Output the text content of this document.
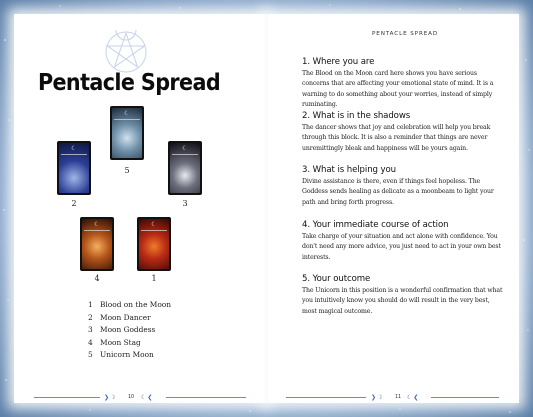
Pentacle Spread
☾
5
☾
2
☾
3
☾
4
☾
1
1 Blood on the Moon
2 Moon Dancer
3 Moon Goddess
4 Moon Stag
5 Unicorn Moon
❯☽ 10 ☾❮	❯☽ 11 ☾❮
PENTACLE SPREAD
1. Where you are

The Blood on the Moon card here shows you have serious concerns that are affecting your emotional state of mind. It is a warning to do something about your worries, instead of simply ruminating.

2. What is in the shadows

The dancer shows that joy and celebration will help you break through this block. It is also a reminder that things are never unremittingly bleak and happiness will be yours again.

3. What is helping you

Divine assistance is there, even if things feel hopeless. The Goddess sends healing as delicate as a moonbeam to light your path and bring forth progress.

4. Your immediate course of action

Take charge of your situation and act alone with confidence. You don't need any more advice, you just need to act in your own best interests.

5. Your outcome

The Unicorn in this position is a wonderful confirmation that what you intuitively know you should do will result in the very best, most magical outcome.
